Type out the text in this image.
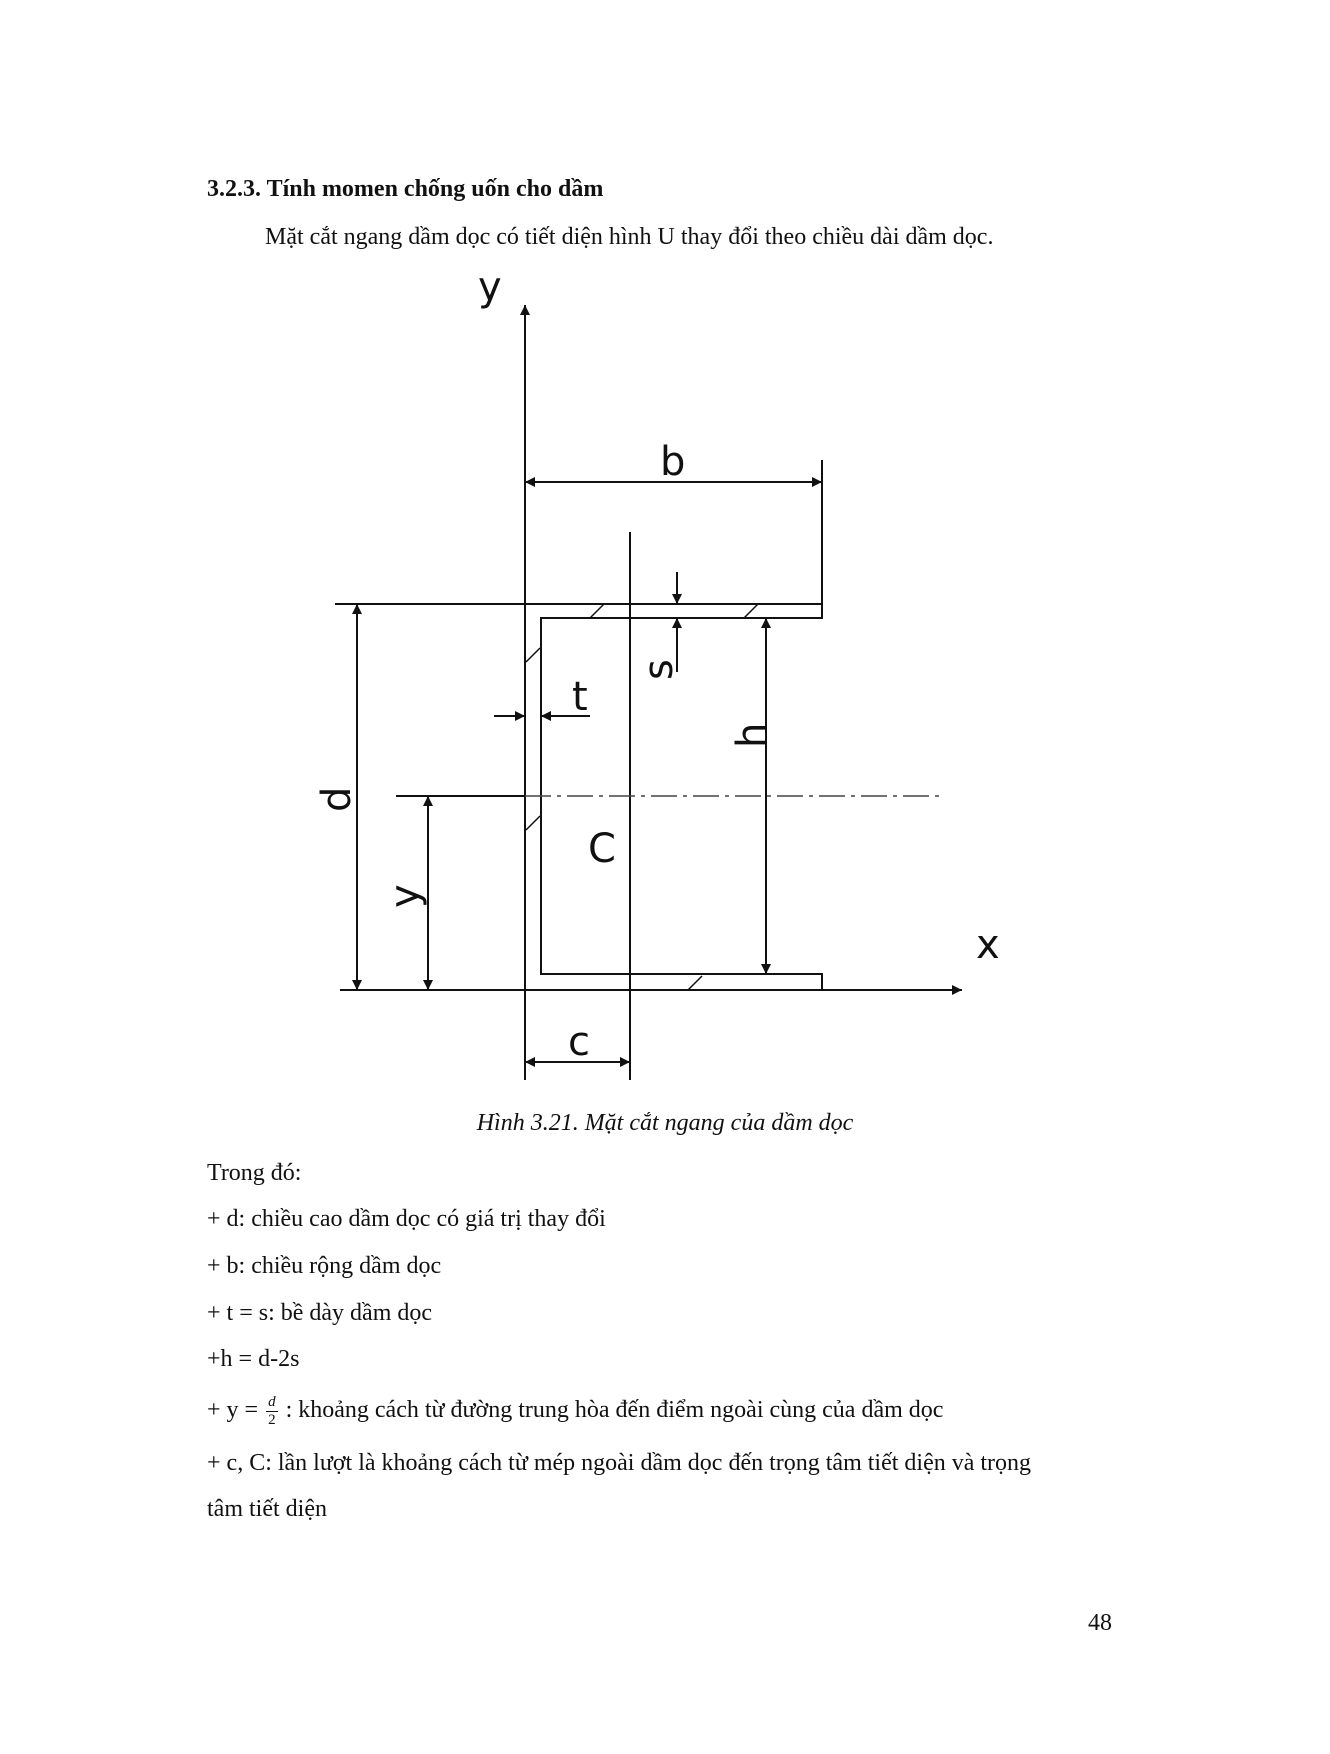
3.2.3. Tính momen chống uốn cho dầm
Mặt cắt ngang dầm dọc có tiết diện hình U thay đổi theo chiều dài dầm dọc.
y
x
b
t
C
c
s
h
d
y
Hình 3.21. Mặt cắt ngang của dầm dọc
Trong đó:
+ d: chiều cao dầm dọc có giá trị thay đổi
+ b: chiều rộng dầm dọc
+ t = s: bề dày dầm dọc
+h = d-2s
+ $y = \frac{d}{2}$ : khoảng cách từ đường trung hòa đến điểm ngoài cùng của dầm dọc
+ c, C: lần lượt là khoảng cách từ mép ngoài dầm dọc đến trọng tâm tiết diện và trọng
tâm tiết diện
48
